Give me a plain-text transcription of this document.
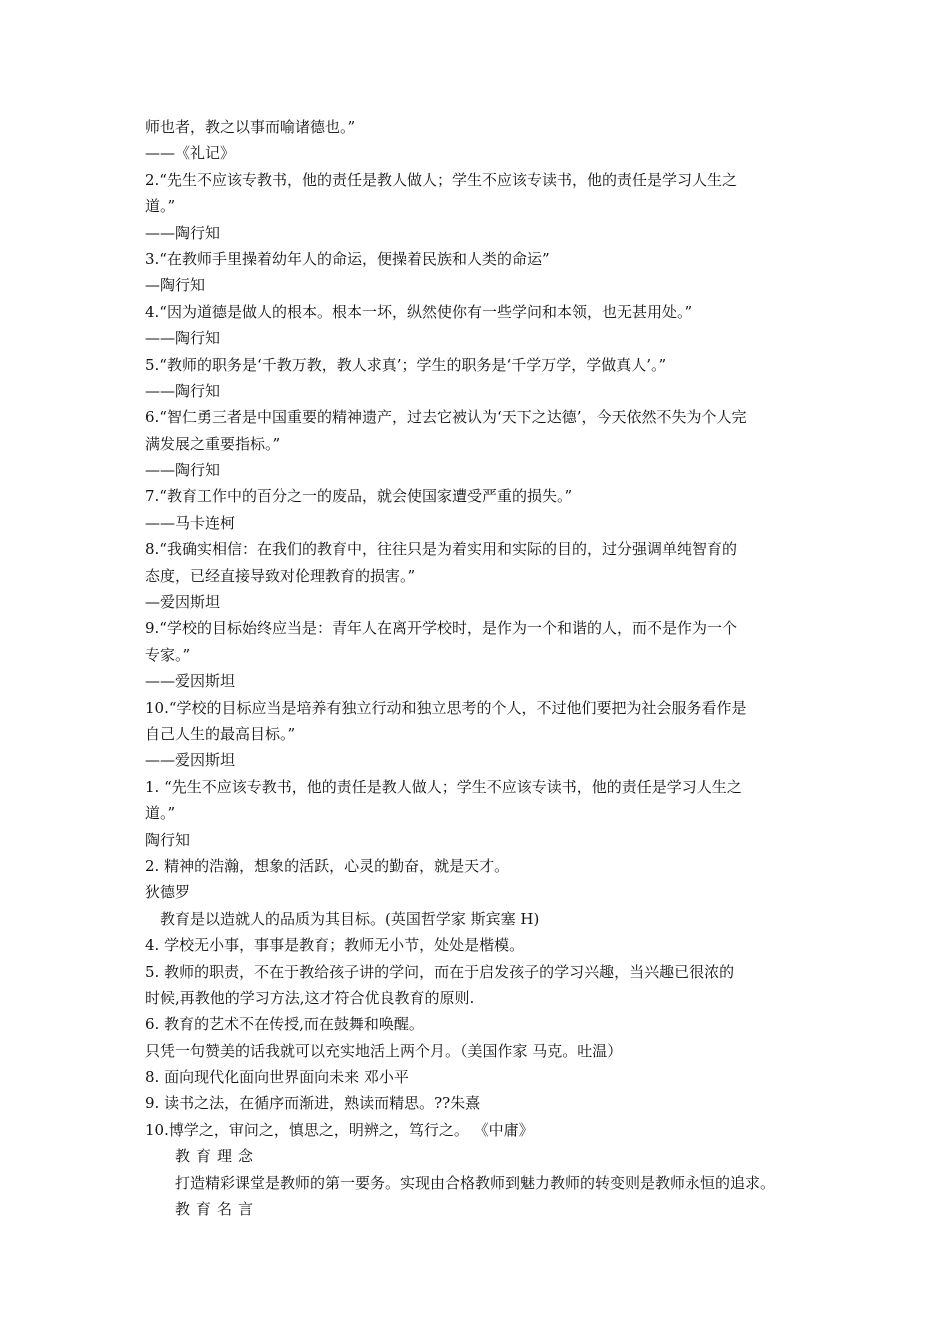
师也者，教之以事而喻诸德也。”
——《礼记》
2.“先生不应该专教书，他的责任是教人做人；学生不应该专读书，他的责任是学习人生之
道。”
——陶行知
3.“在教师手里操着幼年人的命运，便操着民族和人类的命运”
—陶行知
4.“因为道德是做人的根本。根本一坏，纵然使你有一些学问和本领，也无甚用处。”
——陶行知
5.“教师的职务是‘千教万教，教人求真’；学生的职务是‘千学万学，学做真人’。”
——陶行知
6.“智仁勇三者是中国重要的精神遗产，过去它被认为‘天下之达德’，今天依然不失为个人完
满发展之重要指标。”
——陶行知
7.“教育工作中的百分之一的废品，就会使国家遭受严重的损失。”
——马卡连柯
8.“我确实相信：在我们的教育中，往往只是为着实用和实际的目的，过分强调单纯智育的
态度，已经直接导致对伦理教育的损害。”
—爱因斯坦
9.“学校的目标始终应当是：青年人在离开学校时，是作为一个和谐的人，而不是作为一个
专家。”
——爱因斯坦
10.“学校的目标应当是培养有独立行动和独立思考的个人，不过他们要把为社会服务看作是
自己人生的最高目标。”
——爱因斯坦
1. “先生不应该专教书，他的责任是教人做人；学生不应该专读书，他的责任是学习人生之
道。”
陶行知
2. 精神的浩瀚，想象的活跃，心灵的勤奋，就是天才。
狄德罗
教育是以造就人的品质为其目标。(英国哲学家 斯宾塞 H)
4. 学校无小事，事事是教育；教师无小节，处处是楷模。
5. 教师的职责，不在于教给孩子讲的学问，而在于启发孩子的学习兴趣，当兴趣已很浓的
时候,再教他的学习方法,这才符合优良教育的原则.
6. 教育的艺术不在传授,而在鼓舞和唤醒。
只凭一句赞美的话我就可以充实地活上两个月。（美国作家 马克。吐温）
8. 面向现代化面向世界面向未来 邓小平
9. 读书之法，在循序而渐进，熟读而精思。??朱熹
10.博学之，审问之，慎思之，明辨之，笃行之。 《中庸》
教育理念
打造精彩课堂是教师的第一要务。实现由合格教师到魅力教师的转变则是教师永恒的追求。
教育名言
